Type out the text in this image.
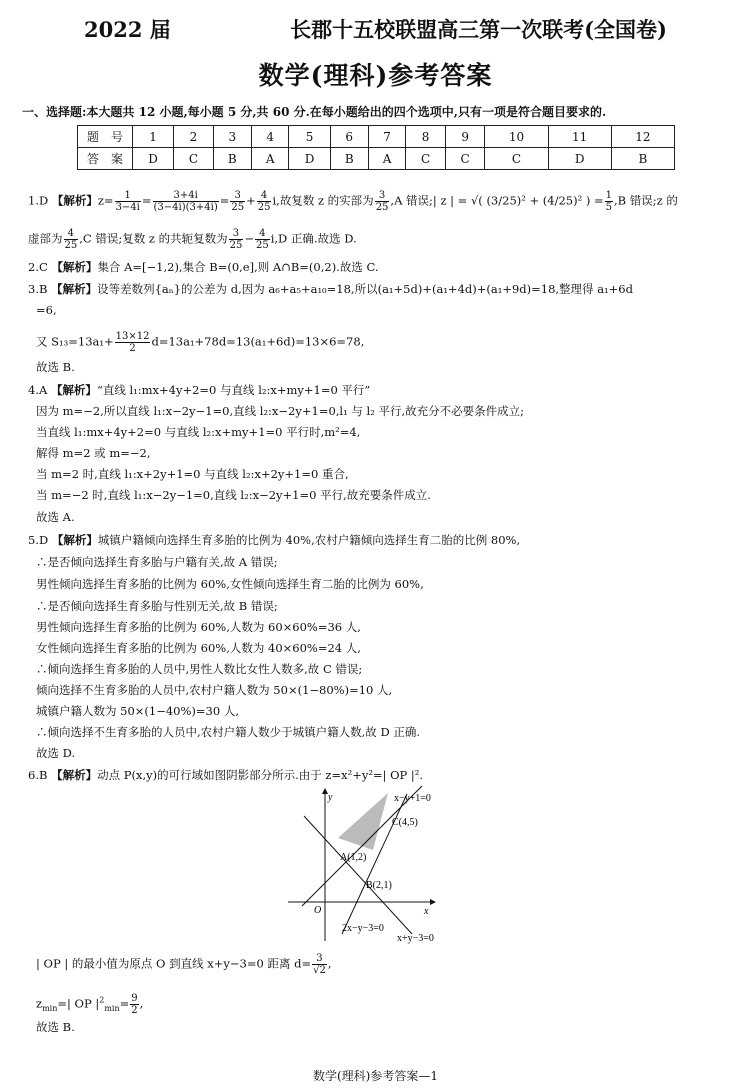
2022 届	长郡十五校联盟高三第一次联考(全国卷)
数学(理科)参考答案
一、选择题:本大题共 12 小题,每小题 5 分,共 60 分.在每小题给出的四个选项中,只有一项是符合题目要求的.
题　号	1	2	3	4	5	6	7	8	9	10	11	12
答　案	D	C	B	A	D	B	A	C	C	C	D	B
1.D 【解析】$z= \frac{1}{3-4i} = \frac{3+4i}{(3-4i)(3+4i)} = \frac{3}{25} + \frac{4}{25} i$,故复数 z 的实部为 $\frac{3}{25} ,A$ 错误;| z | = √( (3/25)² + (4/25)² ) = $\frac{1}{5} ,B$ 错误;z 的
虚部为 $\frac{4}{25} ,C$ 错误;复数 z 的共轭复数为 $\frac{3}{25} - \frac{4}{25} i,D$ 正确.故选 D.
2.C 【解析】集合 A=[−1,2),集合 B=(0,e],则 A∩B=(0,2).故选 C.
3.B 【解析】设等差数列{aₙ}的公差为 d,因为 a₆+a₅+a₁₀=18,所以(a₁+5d)+(a₁+4d)+(a₁+9d)=18,整理得 a₁+6d
=6,
又 $S_{13}=13a_1+ \frac{13\times 12}{2} d=13a_1+78d=13(a_1+6d)=13\times 6=78$,
故选 B.
4.A 【解析】“直线 l₁:mx+4y+2=0 与直线 l₂:x+my+1=0 平行”
因为 m=−2,所以直线 l₁:x−2y−1=0,直线 l₂:x−2y+1=0,l₁ 与 l₂ 平行,故充分不必要条件成立;
当直线 l₁:mx+4y+2=0 与直线 l₂:x+my+1=0 平行时,m²=4,
解得 m=2 或 m=−2,
当 m=2 时,直线 l₁:x+2y+1=0 与直线 l₂:x+2y+1=0 重合,
当 m=−2 时,直线 l₁:x−2y−1=0,直线 l₂:x−2y+1=0 平行,故充要条件成立.
故选 A.
5.D 【解析】城镇户籍倾向选择生育多胎的比例为 40%,农村户籍倾向选择生育二胎的比例 80%,
∴是否倾向选择生育多胎与户籍有关,故 A 错误;
男性倾向选择生育多胎的比例为 60%,女性倾向选择生育二胎的比例为 60%,
∴是否倾向选择生育多胎与性别无关,故 B 错误;
男性倾向选择生育多胎的比例为 60%,人数为 60×60%=36 人,
女性倾向选择生育多胎的比例为 60%,人数为 40×60%=24 人,
∴倾向选择生育多胎的人员中,男性人数比女性人数多,故 C 错误;
倾向选择不生育多胎的人员中,农村户籍人数为 50×(1−80%)=10 人,
城镇户籍人数为 50×(1−40%)=30 人,
∴倾向选择不生育多胎的人员中,农村户籍人数少于城镇户籍人数,故 D 正确.
故选 D.
6.B 【解析】动点 P(x,y)的可行域如图阴影部分所示.由于 z=x²+y²=| OP |².
y
x
O
x−y+1=0
2x−y−3=0
x+y−3=0
A(1,2)
B(2,1)
C(4,5)
| OP | 的最小值为原点 O 到直线 x+y−3=0 距离 $d= \frac{3}{√2}$ ,
$z_{min}=|$ OP $|^2_{min}= \frac{9}{2}$ ,
故选 B.
数学(理科)参考答案—1
